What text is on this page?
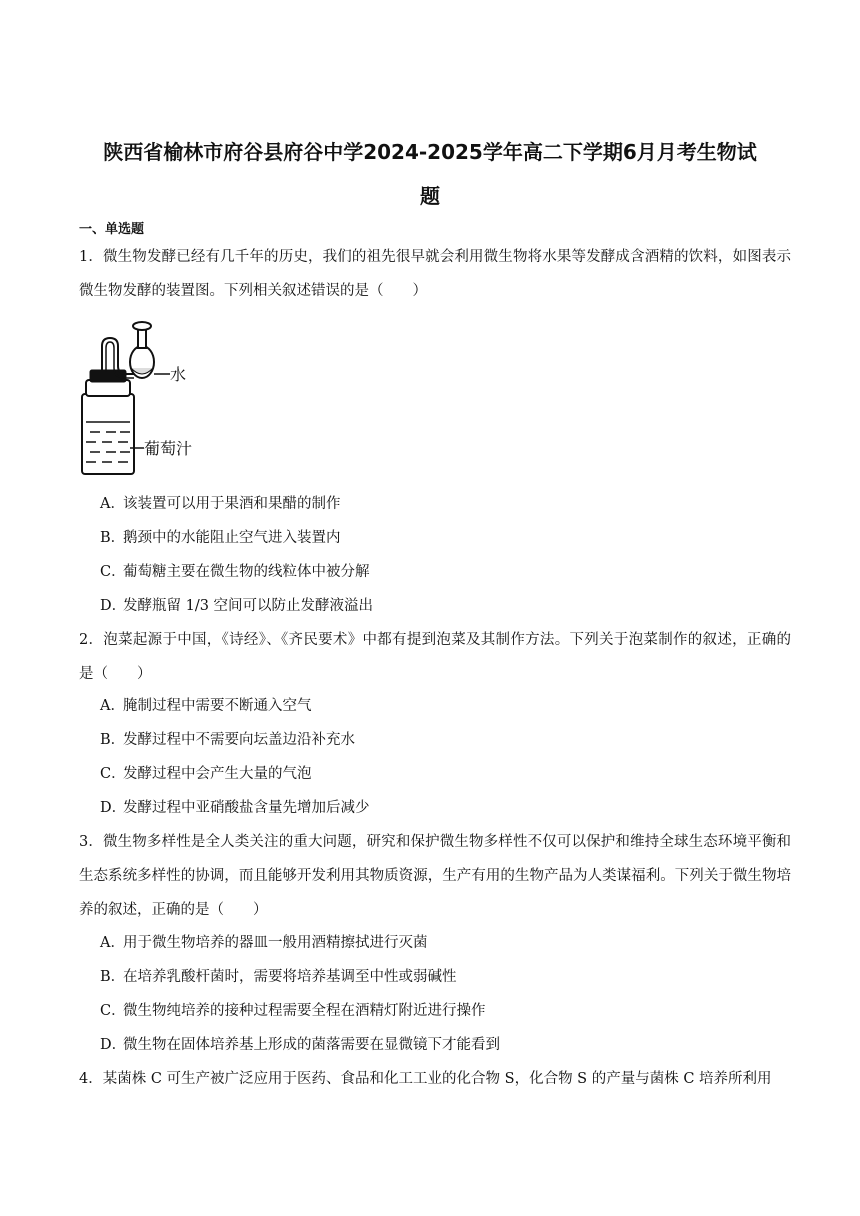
陕西省榆林市府谷县府谷中学2024-2025学年高二下学期6月月考生物试
题
一、单选题
1．微生物发酵已经有几千年的历史，我们的祖先很早就会利用微生物将水果等发酵成含酒精的饮料，如图表示微生物发酵的装置图。下列相关叙述错误的是（　　）
水
葡萄汁
A．该装置可以用于果酒和果醋的制作
B．鹅颈中的水能阻止空气进入装置内
C．葡萄糖主要在微生物的线粒体中被分解
D．发酵瓶留 1/3 空间可以防止发酵液溢出
2．泡菜起源于中国，《诗经》、《齐民要术》中都有提到泡菜及其制作方法。下列关于泡菜制作的叙述，正确的是（　　）
A．腌制过程中需要不断通入空气
B．发酵过程中不需要向坛盖边沿补充水
C．发酵过程中会产生大量的气泡
D．发酵过程中亚硝酸盐含量先增加后减少
3．微生物多样性是全人类关注的重大问题，研究和保护微生物多样性不仅可以保护和维持全球生态环境平衡和生态系统多样性的协调，而且能够开发利用其物质资源，生产有用的生物产品为人类谋福利。下列关于微生物培养的叙述，正确的是（　　）
A．用于微生物培养的器皿一般用酒精擦拭进行灭菌
B．在培养乳酸杆菌时，需要将培养基调至中性或弱碱性
C．微生物纯培养的接种过程需要全程在酒精灯附近进行操作
D．微生物在固体培养基上形成的菌落需要在显微镜下才能看到
4．某菌株 C 可生产被广泛应用于医药、食品和化工工业的化合物 S，化合物 S 的产量与菌株 C 培养所利用
